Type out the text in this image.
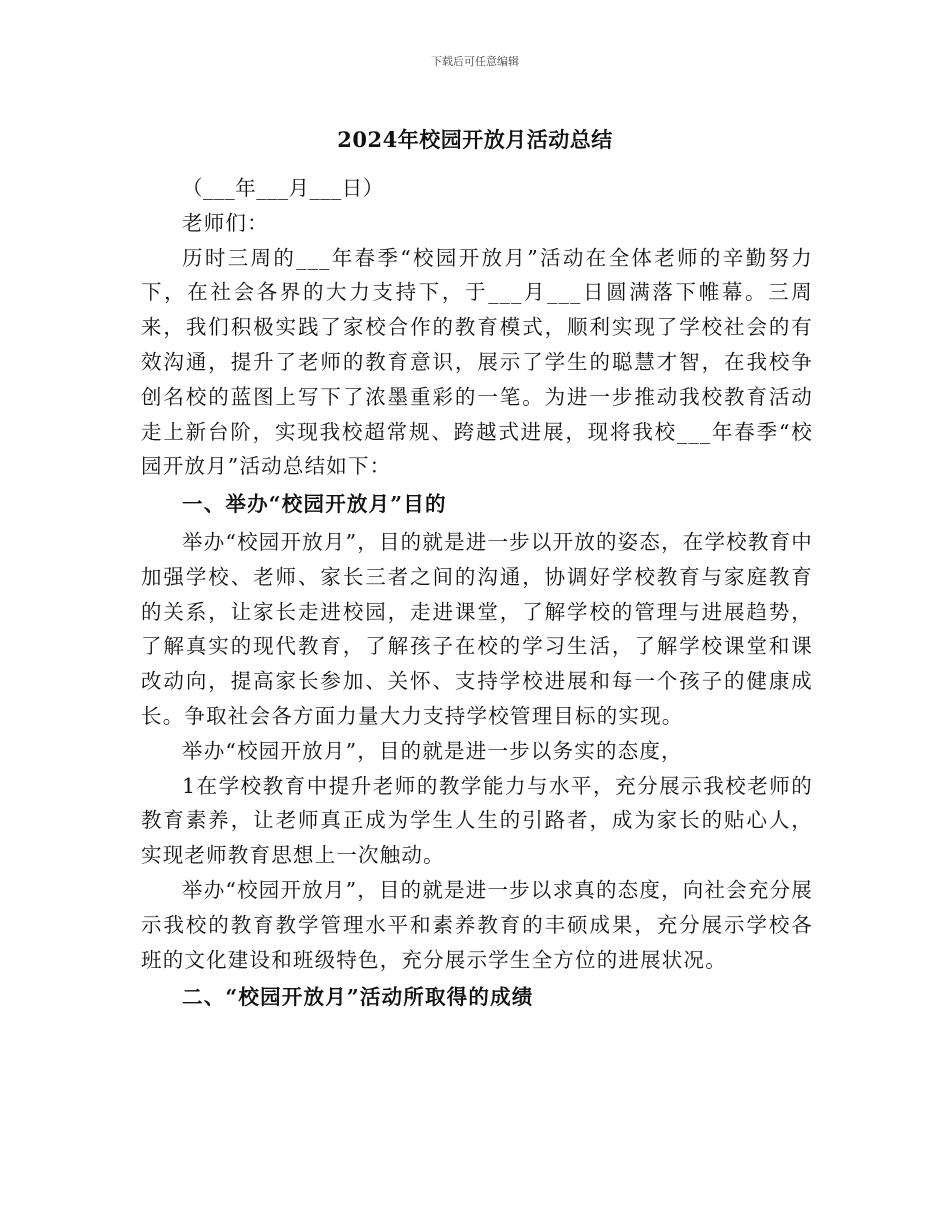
下载后可任意编辑
2024年校园开放月活动总结

（___年___月___日）

老师们：

历时三周的___年春季“校园开放月”活动在全体老师的辛勤努力下，在社会各界的大力支持下，于___月___日圆满落下帷幕。三周来，我们积极实践了家校合作的教育模式，顺利实现了学校社会的有效沟通，提升了老师的教育意识，展示了学生的聪慧才智，在我校争创名校的蓝图上写下了浓墨重彩的一笔。为进一步推动我校教育活动走上新台阶，实现我校超常规、跨越式进展，现将我校___年春季“校园开放月”活动总结如下：

一、举办“校园开放月”目的

举办“校园开放月”，目的就是进一步以开放的姿态，在学校教育中加强学校、老师、家长三者之间的沟通，协调好学校教育与家庭教育的关系，让家长走进校园，走进课堂，了解学校的管理与进展趋势，了解真实的现代教育，了解孩子在校的学习生活，了解学校课堂和课改动向，提高家长参加、关怀、支持学校进展和每一个孩子的健康成长。争取社会各方面力量大力支持学校管理目标的实现。

举办“校园开放月”，目的就是进一步以务实的态度，

1在学校教育中提升老师的教学能力与水平，充分展示我校老师的教育素养，让老师真正成为学生人生的引路者，成为家长的贴心人，实现老师教育思想上一次触动。

举办“校园开放月”，目的就是进一步以求真的态度，向社会充分展示我校的教育教学管理水平和素养教育的丰硕成果，充分展示学校各班的文化建设和班级特色，充分展示学生全方位的进展状况。

二、“校园开放月”活动所取得的成绩
